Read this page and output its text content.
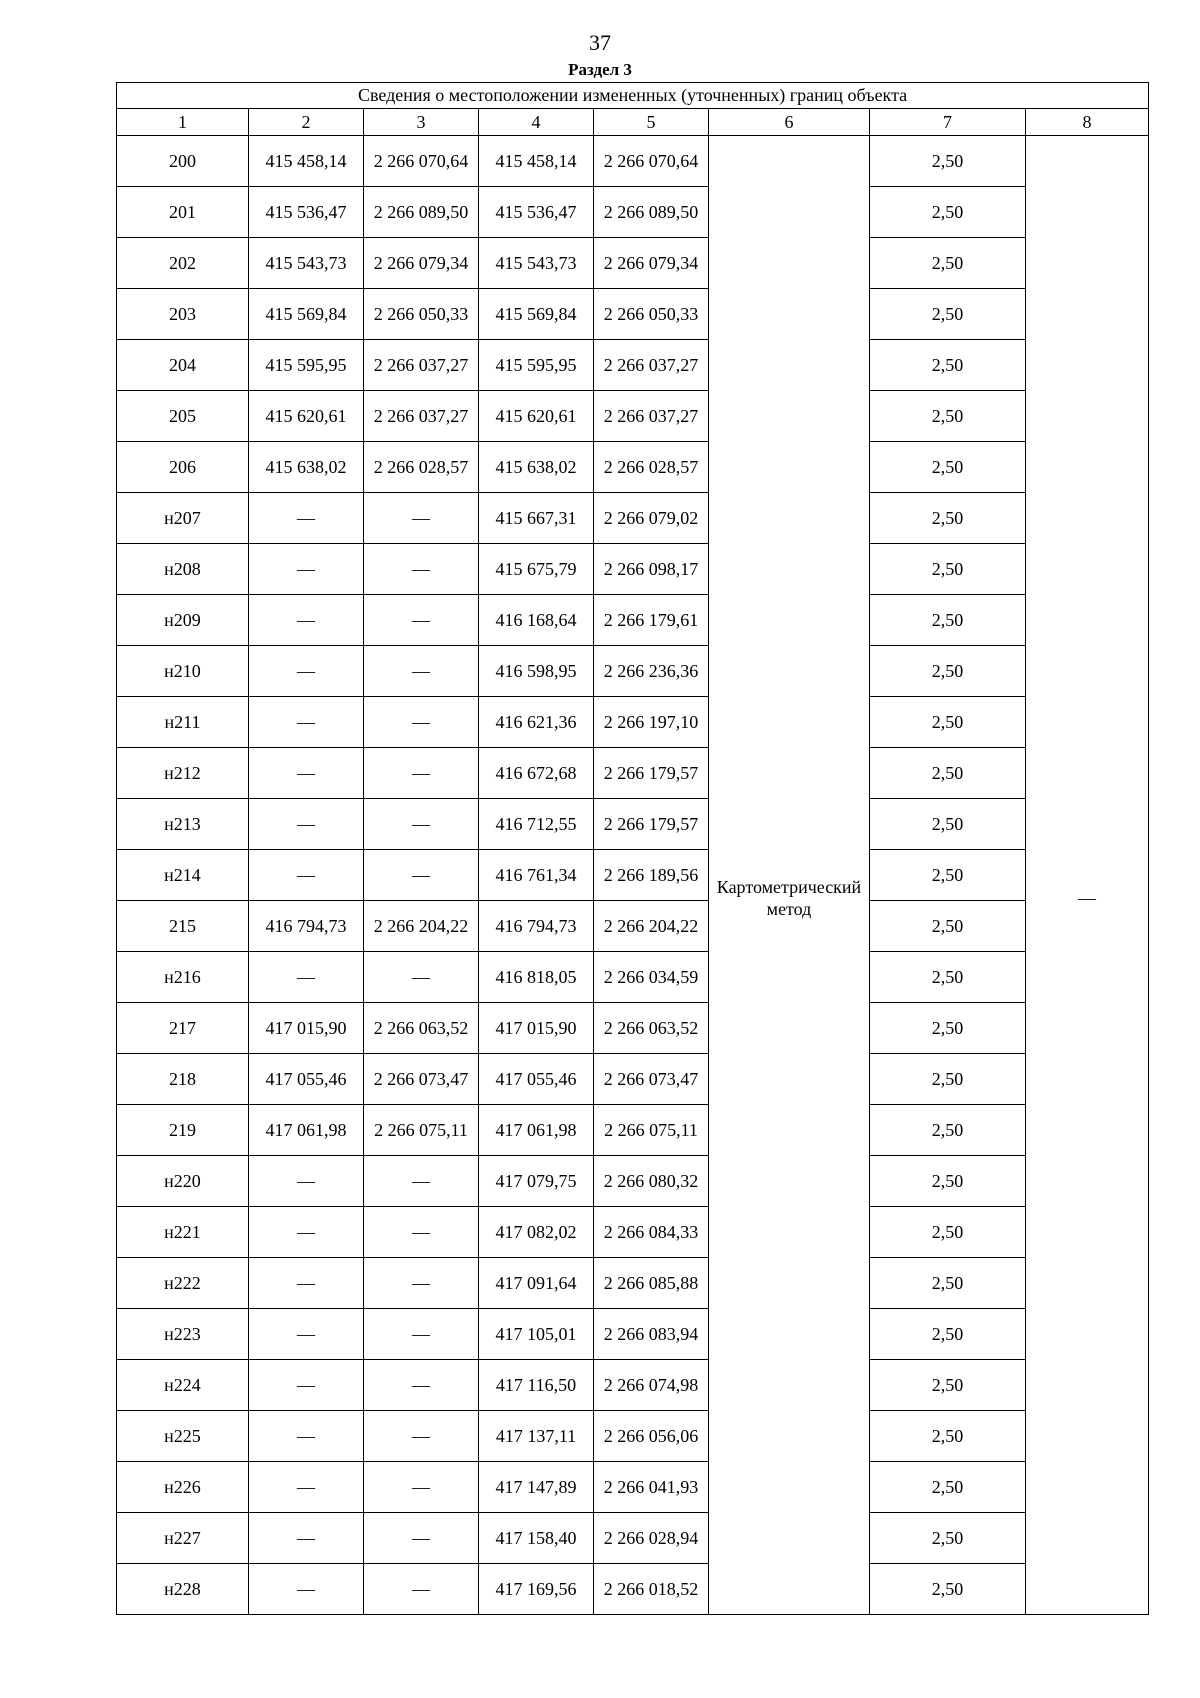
37
Раздел 3
Сведения о местоположении измененных (уточненных) границ объекта							
1	2	3	4	5	6	7	8
200	415 458,14	2 266 070,64	415 458,14	2 266 070,64	Картометрический метод	2,50	—
201	415 536,47	2 266 089,50	415 536,47	2 266 089,50		2,50	
202	415 543,73	2 266 079,34	415 543,73	2 266 079,34		2,50	
203	415 569,84	2 266 050,33	415 569,84	2 266 050,33		2,50	
204	415 595,95	2 266 037,27	415 595,95	2 266 037,27		2,50	
205	415 620,61	2 266 037,27	415 620,61	2 266 037,27		2,50	
206	415 638,02	2 266 028,57	415 638,02	2 266 028,57		2,50	
н207	—	—	415 667,31	2 266 079,02		2,50	
н208	—	—	415 675,79	2 266 098,17		2,50	
н209	—	—	416 168,64	2 266 179,61		2,50	
н210	—	—	416 598,95	2 266 236,36		2,50	
н211	—	—	416 621,36	2 266 197,10		2,50	
н212	—	—	416 672,68	2 266 179,57		2,50	
н213	—	—	416 712,55	2 266 179,57		2,50	
н214	—	—	416 761,34	2 266 189,56		2,50	
215	416 794,73	2 266 204,22	416 794,73	2 266 204,22		2,50	
н216	—	—	416 818,05	2 266 034,59		2,50	
217	417 015,90	2 266 063,52	417 015,90	2 266 063,52		2,50	
218	417 055,46	2 266 073,47	417 055,46	2 266 073,47		2,50	
219	417 061,98	2 266 075,11	417 061,98	2 266 075,11		2,50	
н220	—	—	417 079,75	2 266 080,32		2,50	
н221	—	—	417 082,02	2 266 084,33		2,50	
н222	—	—	417 091,64	2 266 085,88		2,50	
н223	—	—	417 105,01	2 266 083,94		2,50	
н224	—	—	417 116,50	2 266 074,98		2,50	
н225	—	—	417 137,11	2 266 056,06		2,50	
н226	—	—	417 147,89	2 266 041,93		2,50	
н227	—	—	417 158,40	2 266 028,94		2,50	
н228	—	—	417 169,56	2 266 018,52		2,50	
